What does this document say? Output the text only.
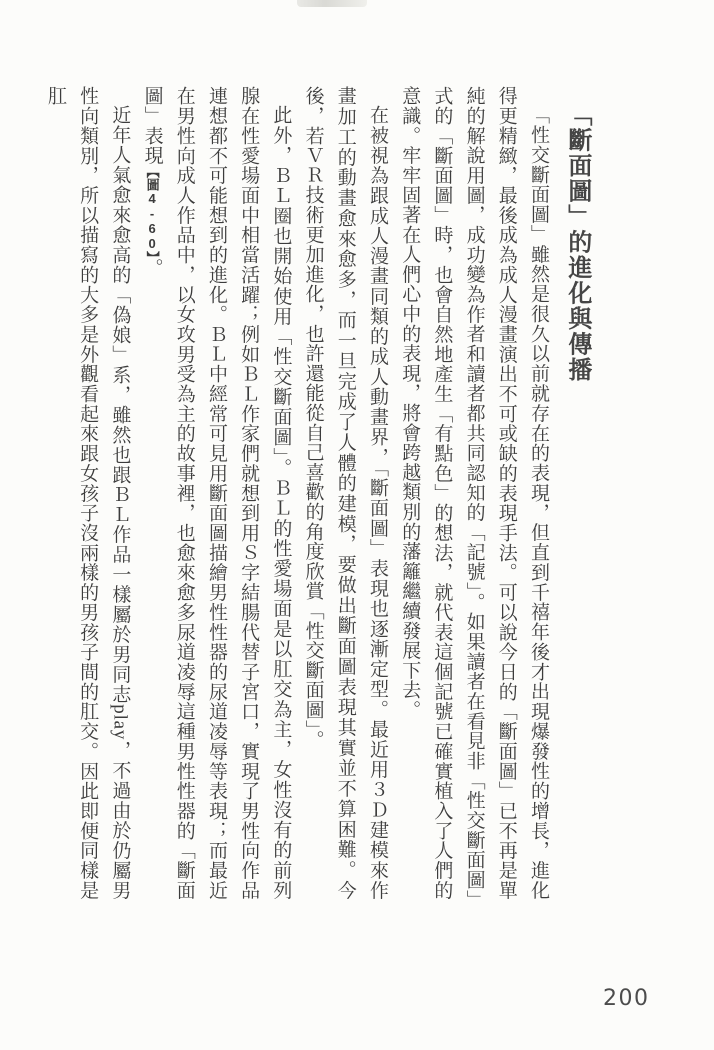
「斷面圖」的進化與傳播

「性交斷面圖」雖然是很久以前就存在的表現，但直到千禧年後才出現爆發性的增長，進化得更精緻，最後成為成人漫畫演出不可或缺的表現手法。可以說今日的「斷面圖」已不再是單純的解說用圖，成功變為作者和讀者都共同認知的「記號」。如果讀者在看見非「性交斷面圖」式的「斷面圖」時，也會自然地產生「有點色」的想法，就代表這個記號已確實植入了人們的意識。牢牢固著在人們心中的表現，將會跨越類別的藩籬繼續發展下去。

在被視為跟成人漫畫同類的成人動畫界，「斷面圖」表現也逐漸定型。最近用３Ｄ建模來作畫加工的動畫愈來愈多，而一旦完成了人體的建模，要做出斷面圖表現其實並不算困難。今後，若ＶＲ技術更加進化，也許還能從自己喜歡的角度欣賞「性交斷面圖」。

此外，ＢＬ圈也開始使用「性交斷面圖」。ＢＬ的性愛場面是以肛交為主，女性沒有的前列腺在性愛場面中相當活躍；例如ＢＬ作家們就想到用Ｓ字結腸代替子宮口，實現了男性向作品連想都不可能想到的進化。ＢＬ中經常可見用斷面圖描繪男性性器的尿道凌辱等表現；而最近在男性向成人作品中，以女攻男受為主的故事裡，也愈來愈多尿道凌辱這種男性性器的「斷面圖」表現【圖4-60】。

近年人氣愈來愈高的「偽娘」系，雖然也跟ＢＬ作品一樣屬於男同志play，不過由於仍屬男性向類別，所以描寫的大多是外觀看起來跟女孩子沒兩樣的男孩子間的肛交。因此即便同樣是肛

200
